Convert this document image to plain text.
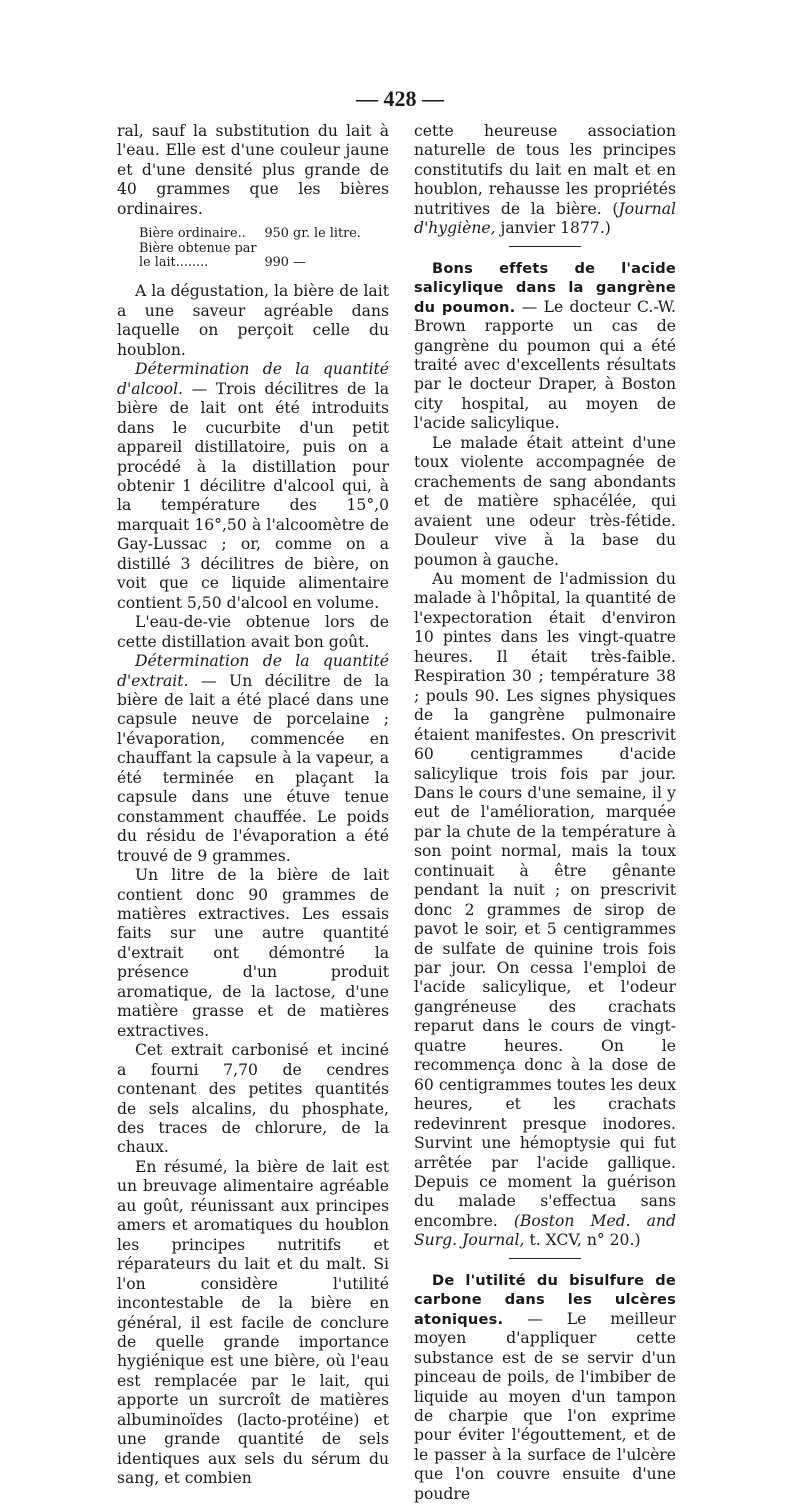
— 428 —

ral, sauf la substitution du lait à l'eau. Elle est d'une couleur jaune et d'une densité plus grande de 40 grammes que les bières ordinaires.

Bière ordinaire..	950 gr. le litre.
Bière obtenue par	
le lait........	990 —

A la dégustation, la bière de lait a une saveur agréable dans laquelle on perçoit celle du houblon.

Détermination de la quantité d'alcool. — Trois décilitres de la bière de lait ont été introduits dans le cucurbite d'un petit appareil distillatoire, puis on a procédé à la distillation pour obtenir 1 décilitre d'alcool qui, à la température des 15°,0 marquait 16°,50 à l'alcoomètre de Gay-Lussac ; or, comme on a distillé 3 décilitres de bière, on voit que ce liquide alimentaire contient 5,50 d'alcool en volume.

L'eau-de-vie obtenue lors de cette distillation avait bon goût.

Détermination de la quantité d'extrait. — Un décilitre de la bière de lait a été placé dans une capsule neuve de porcelaine ; l'évaporation, commencée en chauffant la capsule à la vapeur, a été terminée en plaçant la capsule dans une étuve tenue constamment chauffée. Le poids du résidu de l'évaporation a été trouvé de 9 grammes.

Un litre de la bière de lait contient donc 90 grammes de matières extractives. Les essais faits sur une autre quantité d'extrait ont démontré la présence d'un produit aromatique, de la lactose, d'une matière grasse et de matières extractives.

Cet extrait carbonisé et inciné a fourni 7,70 de cendres contenant des petites quantités de sels alcalins, du phosphate, des traces de chlorure, de la chaux.

En résumé, la bière de lait est un breuvage alimentaire agréable au goût, réunissant aux principes amers et aromatiques du houblon les principes nutritifs et réparateurs du lait et du malt. Si l'on considère l'utilité incontestable de la bière en général, il est facile de conclure de quelle grande importance hygiénique est une bière, où l'eau est remplacée par le lait, qui apporte un surcroît de matières albuminoïdes (lacto-protéine) et une grande quantité de sels identiques aux sels du sérum du sang, et combien

cette heureuse association naturelle de tous les principes constitutifs du lait en malt et en houblon, rehausse les propriétés nutritives de la bière. (Journal d'hygiène, janvier 1877.)

Bons effets de l'acide salicylique dans la gangrène du poumon. — Le docteur C.-W. Brown rapporte un cas de gangrène du poumon qui a été traité avec d'excellents résultats par le docteur Draper, à Boston city hospital, au moyen de l'acide salicylique.

Le malade était atteint d'une toux violente accompagnée de crachements de sang abondants et de matière sphacélée, qui avaient une odeur très-fétide. Douleur vive à la base du poumon à gauche.

Au moment de l'admission du malade à l'hôpital, la quantité de l'expectoration était d'environ 10 pintes dans les vingt-quatre heures. Il était très-faible. Respiration 30 ; température 38 ; pouls 90. Les signes physiques de la gangrène pulmonaire étaient manifestes. On prescrivit 60 centigrammes d'acide salicylique trois fois par jour. Dans le cours d'une semaine, il y eut de l'amélioration, marquée par la chute de la température à son point normal, mais la toux continuait à être gênante pendant la nuit ; on prescrivit donc 2 grammes de sirop de pavot le soir, et 5 centigrammes de sulfate de quinine trois fois par jour. On cessa l'emploi de l'acide salicylique, et l'odeur gangréneuse des crachats reparut dans le cours de vingt-quatre heures. On le recommença donc à la dose de 60 centigrammes toutes les deux heures, et les crachats redevinrent presque inodores. Survint une hémoptysie qui fut arrêtée par l'acide gallique. Depuis ce moment la guérison du malade s'effectua sans encombre. (Boston Med. and Surg. Journal, t. XCV, n° 20.)

De l'utilité du bisulfure de carbone dans les ulcères atoniques. — Le meilleur moyen d'appliquer cette substance est de se servir d'un pinceau de poils, de l'imbiber de liquide au moyen d'un tampon de charpie que l'on exprime pour éviter l'égouttement, et de le passer à la surface de l'ulcère que l'on couvre ensuite d'une poudre
